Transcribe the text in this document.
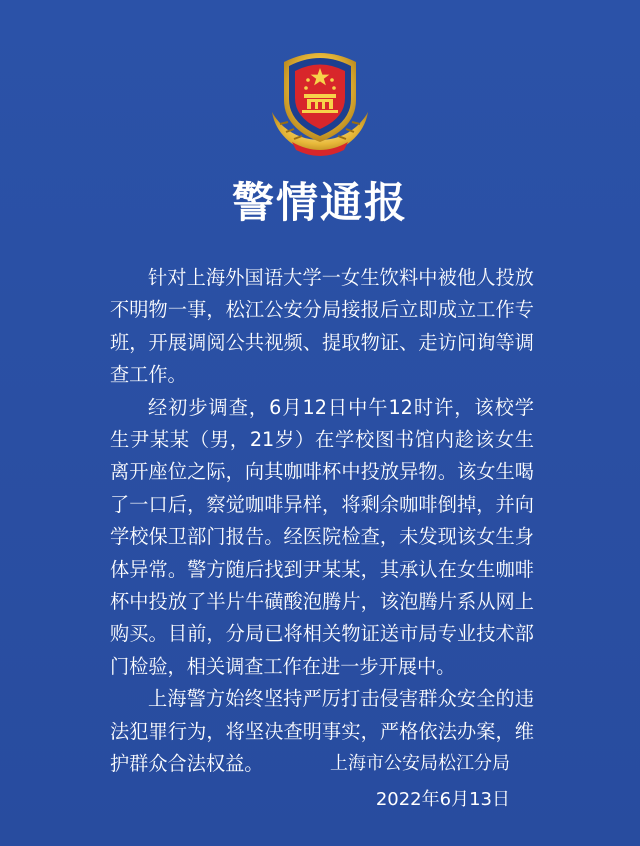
警情通报

针对上海外国语大学一女生饮料中被他人投放不明物一事，松江公安分局接报后立即成立工作专班，开展调阅公共视频、提取物证、走访问询等调查工作。

经初步调查，6月12日中午12时许，该校学生尹某某（男，21岁）在学校图书馆内趁该女生离开座位之际，向其咖啡杯中投放异物。该女生喝了一口后，察觉咖啡异样，将剩余咖啡倒掉，并向学校保卫部门报告。经医院检查，未发现该女生身体异常。警方随后找到尹某某，其承认在女生咖啡杯中投放了半片牛磺酸泡腾片，该泡腾片系从网上购买。目前，分局已将相关物证送市局专业技术部门检验，相关调查工作在进一步开展中。

上海警方始终坚持严厉打击侵害群众安全的违法犯罪行为，将坚决查明事实，严格依法办案，维护群众合法权益。	上海市公安局松江分局
2022年6月13日
